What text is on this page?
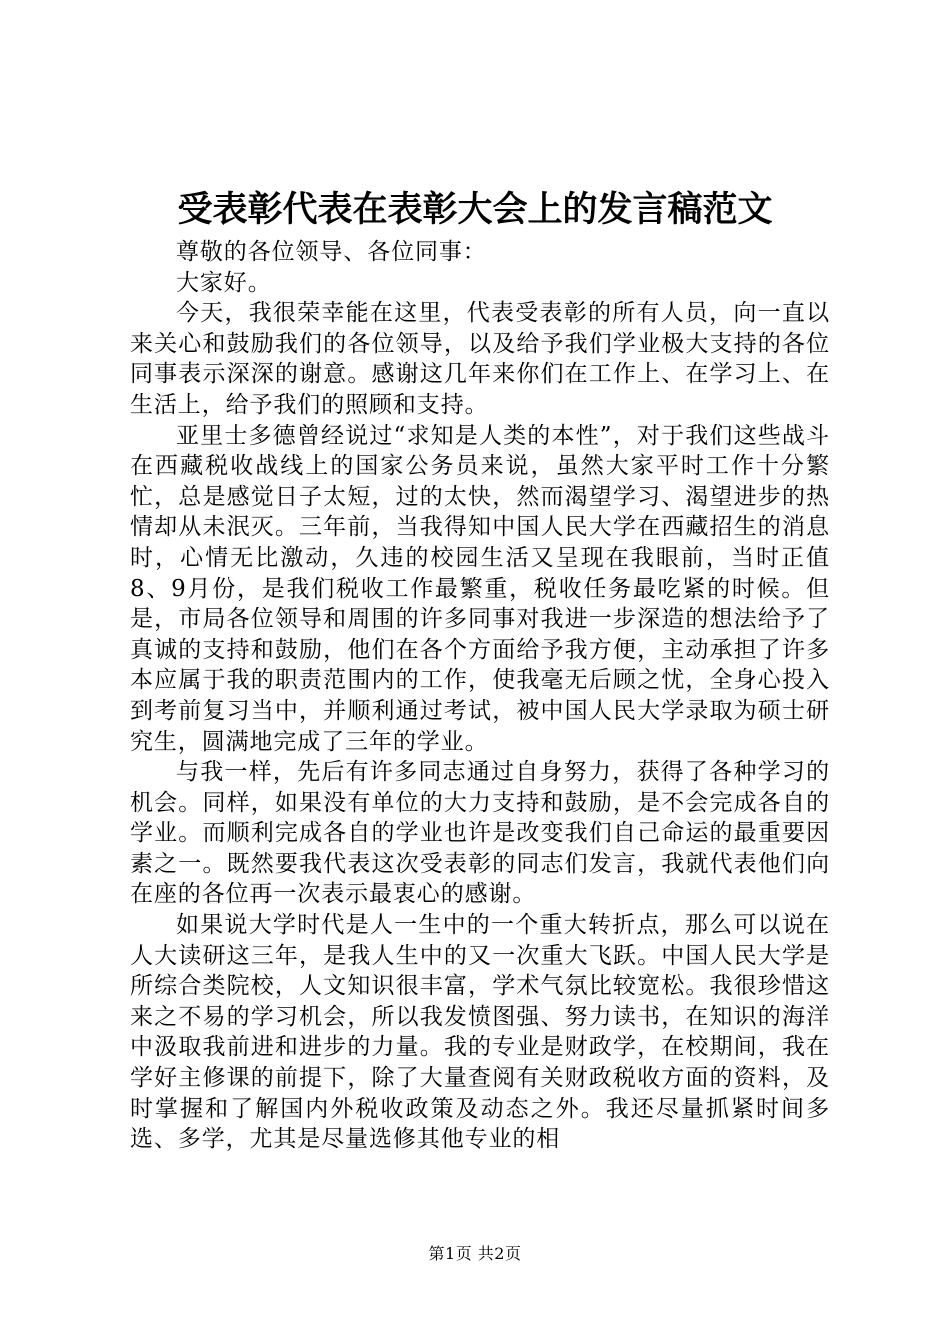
受表彰代表在表彰大会上的发言稿范文

尊敬的各位领导、各位同事：

大家好。

今天，我很荣幸能在这里，代表受表彰的所有人员，向一直以来关心和鼓励我们的各位领导，以及给予我们学业极大支持的各位同事表示深深的谢意。感谢这几年来你们在工作上、在学习上、在生活上，给予我们的照顾和支持。

亚里士多德曾经说过“求知是人类的本性”，对于我们这些战斗在西藏税收战线上的国家公务员来说，虽然大家平时工作十分繁忙，总是感觉日子太短，过的太快，然而渴望学习、渴望进步的热情却从未泯灭。三年前，当我得知中国人民大学在西藏招生的消息时，心情无比激动，久违的校园生活又呈现在我眼前，当时正值8、9月份，是我们税收工作最繁重，税收任务最吃紧的时候。但是，市局各位领导和周围的许多同事对我进一步深造的想法给予了真诚的支持和鼓励，他们在各个方面给予我方便，主动承担了许多本应属于我的职责范围内的工作，使我毫无后顾之忧，全身心投入到考前复习当中，并顺利通过考试，被中国人民大学录取为硕士研究生，圆满地完成了三年的学业。

与我一样，先后有许多同志通过自身努力，获得了各种学习的机会。同样，如果没有单位的大力支持和鼓励，是不会完成各自的学业。而顺利完成各自的学业也许是改变我们自己命运的最重要因素之一。既然要我代表这次受表彰的同志们发言，我就代表他们向在座的各位再一次表示最衷心的感谢。

如果说大学时代是人一生中的一个重大转折点，那么可以说在人大读研这三年，是我人生中的又一次重大飞跃。中国人民大学是所综合类院校，人文知识很丰富，学术气氛比较宽松。我很珍惜这来之不易的学习机会，所以我发愤图强、努力读书，在知识的海洋中汲取我前进和进步的力量。我的专业是财政学，在校期间，我在学好主修课的前提下，除了大量查阅有关财政税收方面的资料，及时掌握和了解国内外税收政策及动态之外。我还尽量抓紧时间多选、多学，尤其是尽量选修其他专业的相

第1页 共2页
